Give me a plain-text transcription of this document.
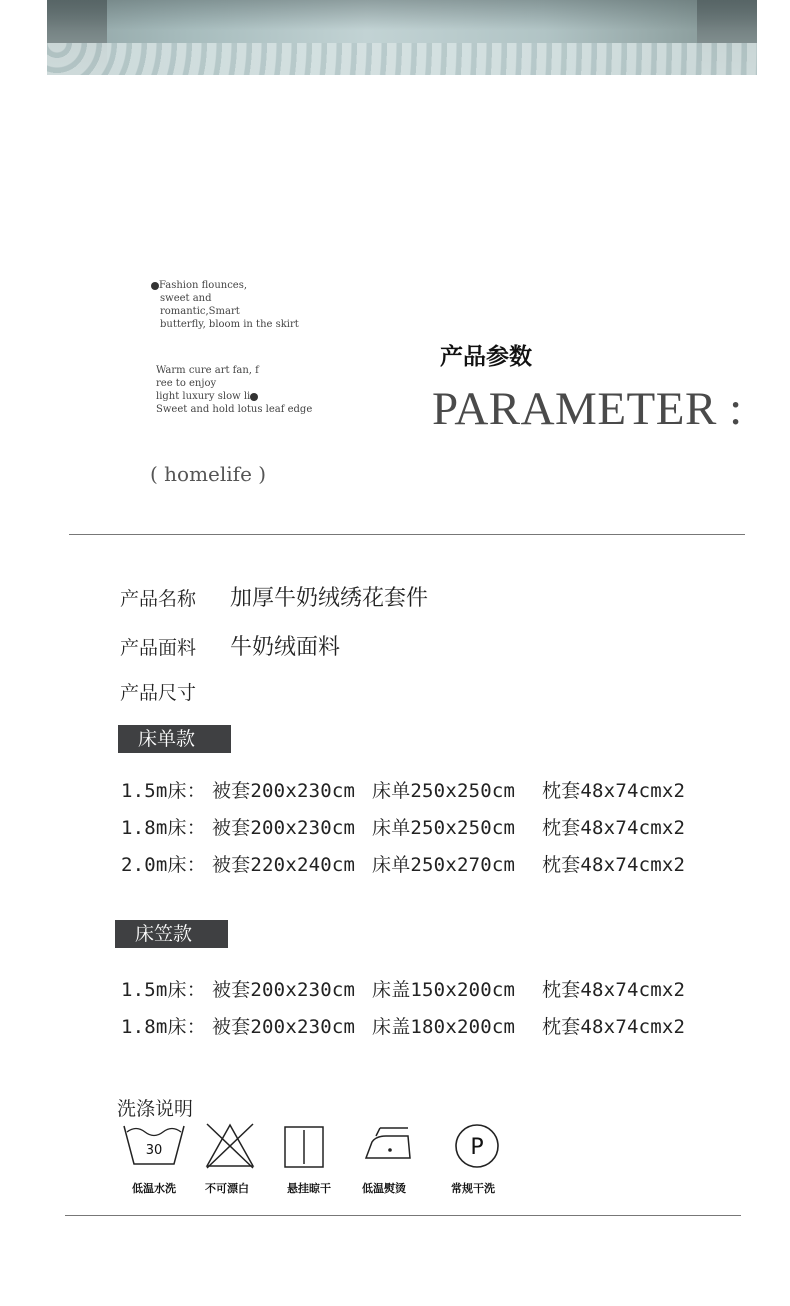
Fashion flounces,
sweet and
romantic,Smart
butterfly, bloom in the skirt
Warm cure art fan, f
ree to enjoy
light luxury slow li
Sweet and hold lotus leaf edge
( homelife )
产品参数
PARAMETER :
产品名称 加厚牛奶绒绣花套件
产品面料 牛奶绒面料
产品尺寸
床单款
1.5m床： 被套200x230cm 床单250x250cm 枕套48x74cmx2
1.8m床： 被套200x230cm 床单250x250cm 枕套48x74cmx2
2.0m床： 被套220x240cm 床单250x270cm 枕套48x74cmx2
床笠款
1.5m床： 被套200x230cm 床盖150x200cm 枕套48x74cmx2
1.8m床： 被套200x230cm 床盖180x200cm 枕套48x74cmx2
洗涤说明
30	P
低温水洗	不可漂白	悬挂晾干	低温熨烫	常规干洗
